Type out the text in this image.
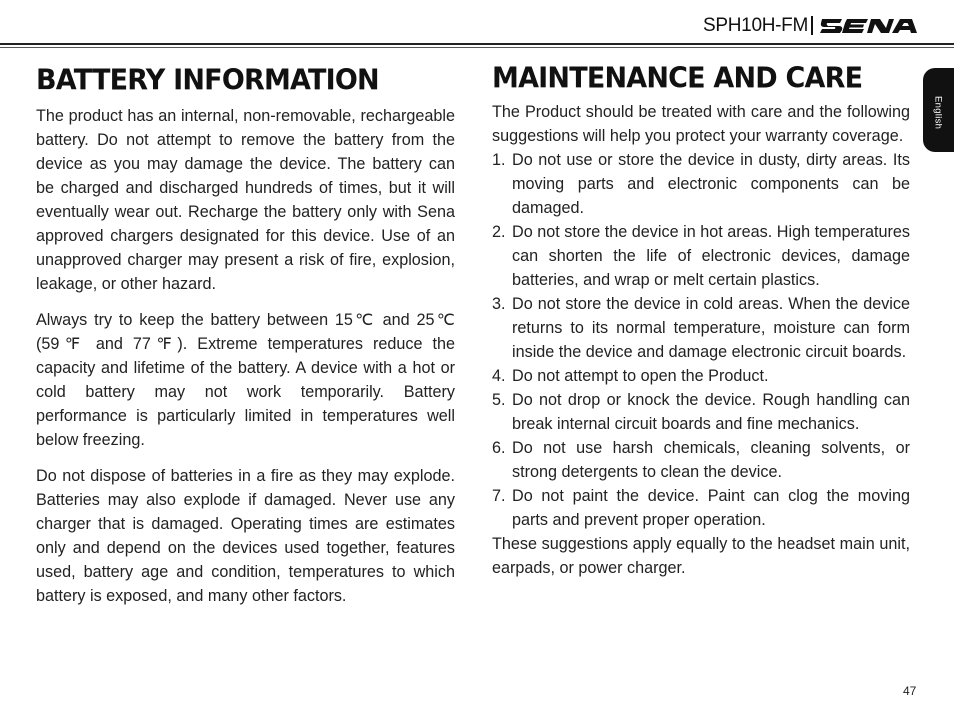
SPH10H-FM
English
BATTERY INFORMATION

The product has an internal, non-removable, rechargeable battery. Do not attempt to remove the battery from the device as you may damage the device. The battery can be charged and discharged hundreds of times, but it will eventually wear out. Recharge the battery only with Sena approved chargers designated for this device. Use of an unapproved charger may present a risk of fire, explosion, leakage, or other hazard.

Always try to keep the battery between 15℃ and 25℃ (59℉ and 77℉). Extreme temperatures reduce the capacity and lifetime of the battery. A device with a hot or cold battery may not work temporarily. Battery performance is particularly limited in temperatures well below freezing.

Do not dispose of batteries in a fire as they may explode. Batteries may also explode if damaged. Never use any charger that is damaged. Operating times are estimates only and depend on the devices used together, features used, battery age and condition, temperatures to which battery is exposed, and many other factors.

MAINTENANCE AND CARE

The Product should be treated with care and the following suggestions will help you protect your warranty coverage.

1. Do not use or store the device in dusty, dirty areas. Its moving parts and electronic components can be damaged.
2. Do not store the device in hot areas. High temperatures can shorten the life of electronic devices, damage batteries, and wrap or melt certain plastics.
3. Do not store the device in cold areas. When the device returns to its normal temperature, moisture can form inside the device and damage electronic circuit boards.
4. Do not attempt to open the Product.
5. Do not drop or knock the device. Rough handling can break internal circuit boards and fine mechanics.
6. Do not use harsh chemicals, cleaning solvents, or strong detergents to clean the device.
7. Do not paint the device. Paint can clog the moving parts and prevent proper operation.

These suggestions apply equally to the headset main unit, earpads, or power charger.

47
